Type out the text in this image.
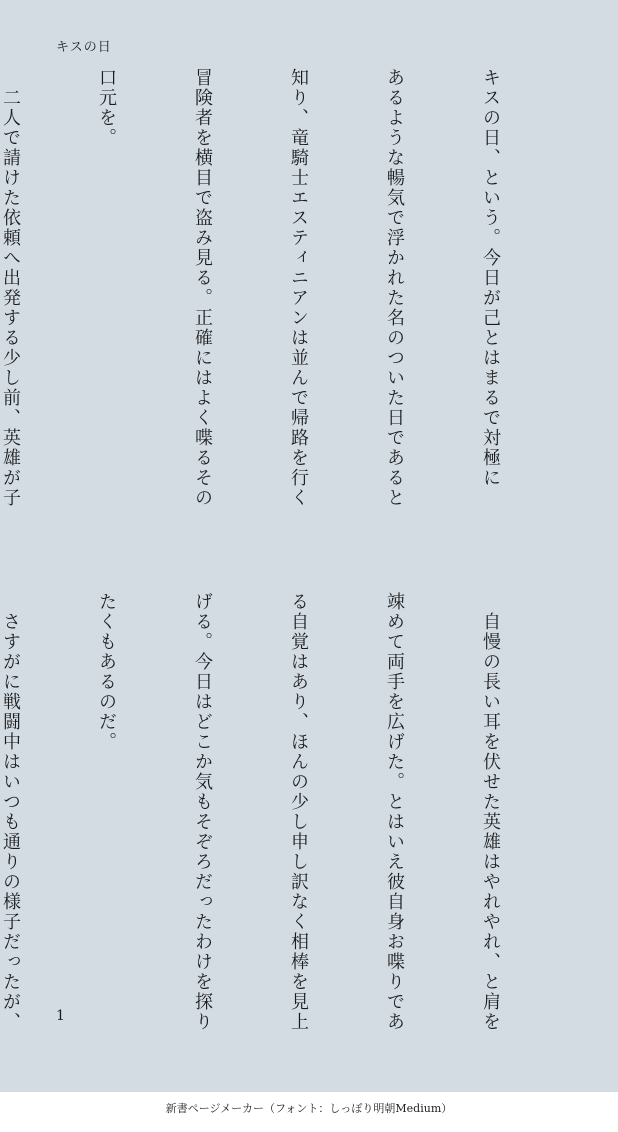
キスの日

キスの日、という。今日が己とはまるで対極に

あるような暢気で浮かれた名のついた日であると

知り、竜騎士エスティニアンは並んで帰路を行く

冒険者を横目で盗み見る。正確にはよく喋るその

口元を。

　二人で請けた依頼へ出発する少し前、英雄が子

　自慢の長い耳を伏せた英雄はやれやれ、と肩を

竦めて両手を広げた。とはいえ彼自身お喋りであ

る自覚はあり、ほんの少し申し訳なく相棒を見上

げる。今日はどこか気もそぞろだったわけを探り

たくもあるのだ。

　さすがに戦闘中はいつも通りの様子だったが、

	1
新書ページメーカー（フォント：しっぽり明朝Medium）
